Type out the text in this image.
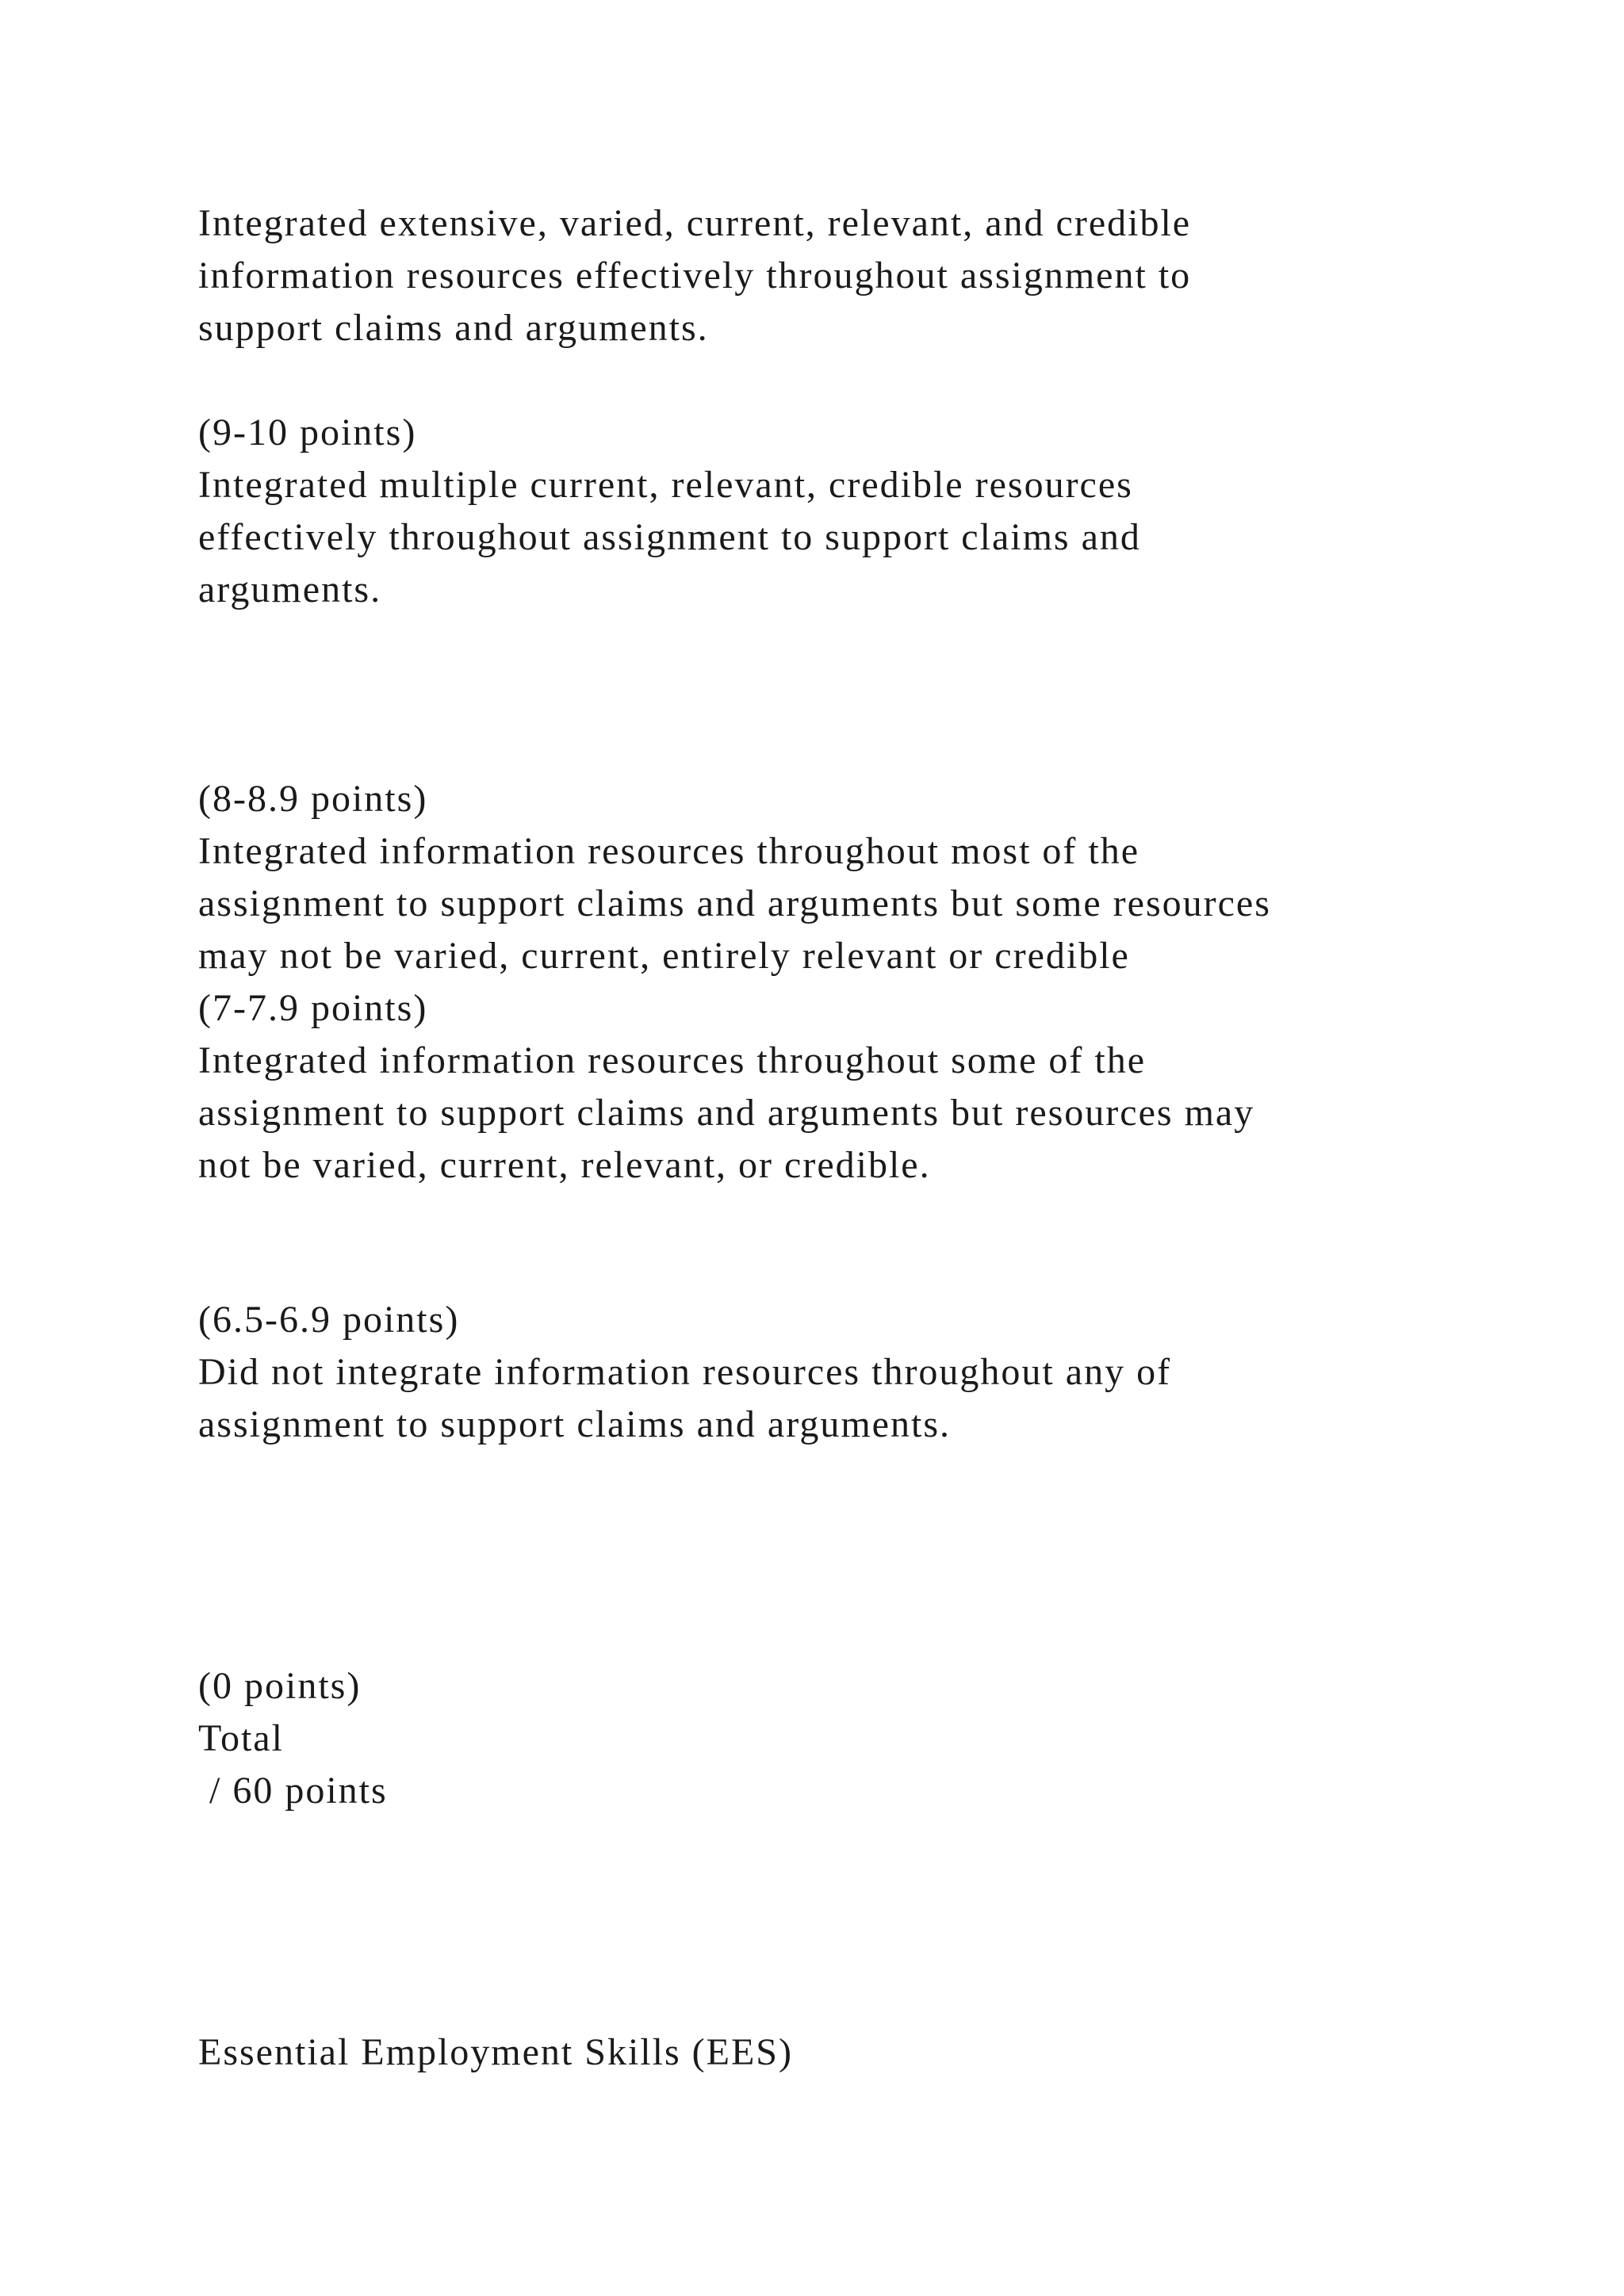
Integrated extensive, varied, current, relevant, and credible

information resources effectively throughout assignment to

support claims and arguments.

(9-10 points)

Integrated multiple current, relevant, credible resources

effectively throughout assignment to support claims and

arguments.

(8-8.9 points)

Integrated information resources throughout most of the

assignment to support claims and arguments but some resources

may not be varied, current, entirely relevant or credible

(7-7.9 points)

Integrated information resources throughout some of the

assignment to support claims and arguments but resources may

not be varied, current, relevant, or credible.

(6.5-6.9 points)

Did not integrate information resources throughout any of

assignment to support claims and arguments.

(0 points)

Total

/ 60 points

Essential Employment Skills (EES)
